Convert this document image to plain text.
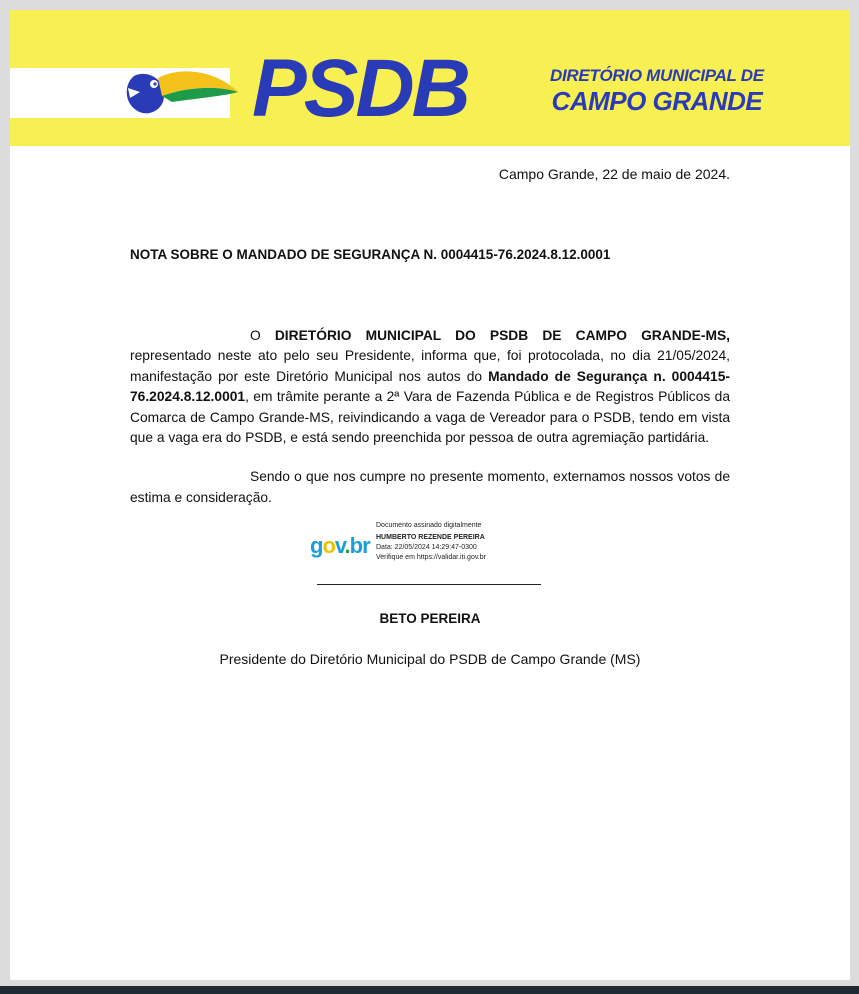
PSDB	DIRETÓRIO MUNICIPAL DE
CAMPO GRANDE
Campo Grande, 22 de maio de 2024.
NOTA SOBRE O MANDADO DE SEGURANÇA N. 0004415-76.2024.8.12.0001

O DIRETÓRIO MUNICIPAL DO PSDB DE CAMPO GRANDE-MS, representado neste ato pelo seu Presidente, informa que, foi protocolada, no dia 21/05/2024, manifestação por este Diretório Municipal nos autos do Mandado de Segurança n. 0004415-76.2024.8.12.0001, em trâmite perante a 2ª Vara de Fazenda Pública e de Registros Públicos da Comarca de Campo Grande-MS, reivindicando a vaga de Vereador para o PSDB, tendo em vista que a vaga era do PSDB, e está sendo preenchida por pessoa de outra agremiação partidária.

Sendo o que nos cumpre no presente momento, externamos nossos votos de estima e consideração.

gov.br
Documento assinado digitalmente
HUMBERTO REZENDE PEREIRA
Data: 22/05/2024 14:29:47-0300
Verifique em https://validar.iti.gov.br
BETO PEREIRA
Presidente do Diretório Municipal do PSDB de Campo Grande (MS)
